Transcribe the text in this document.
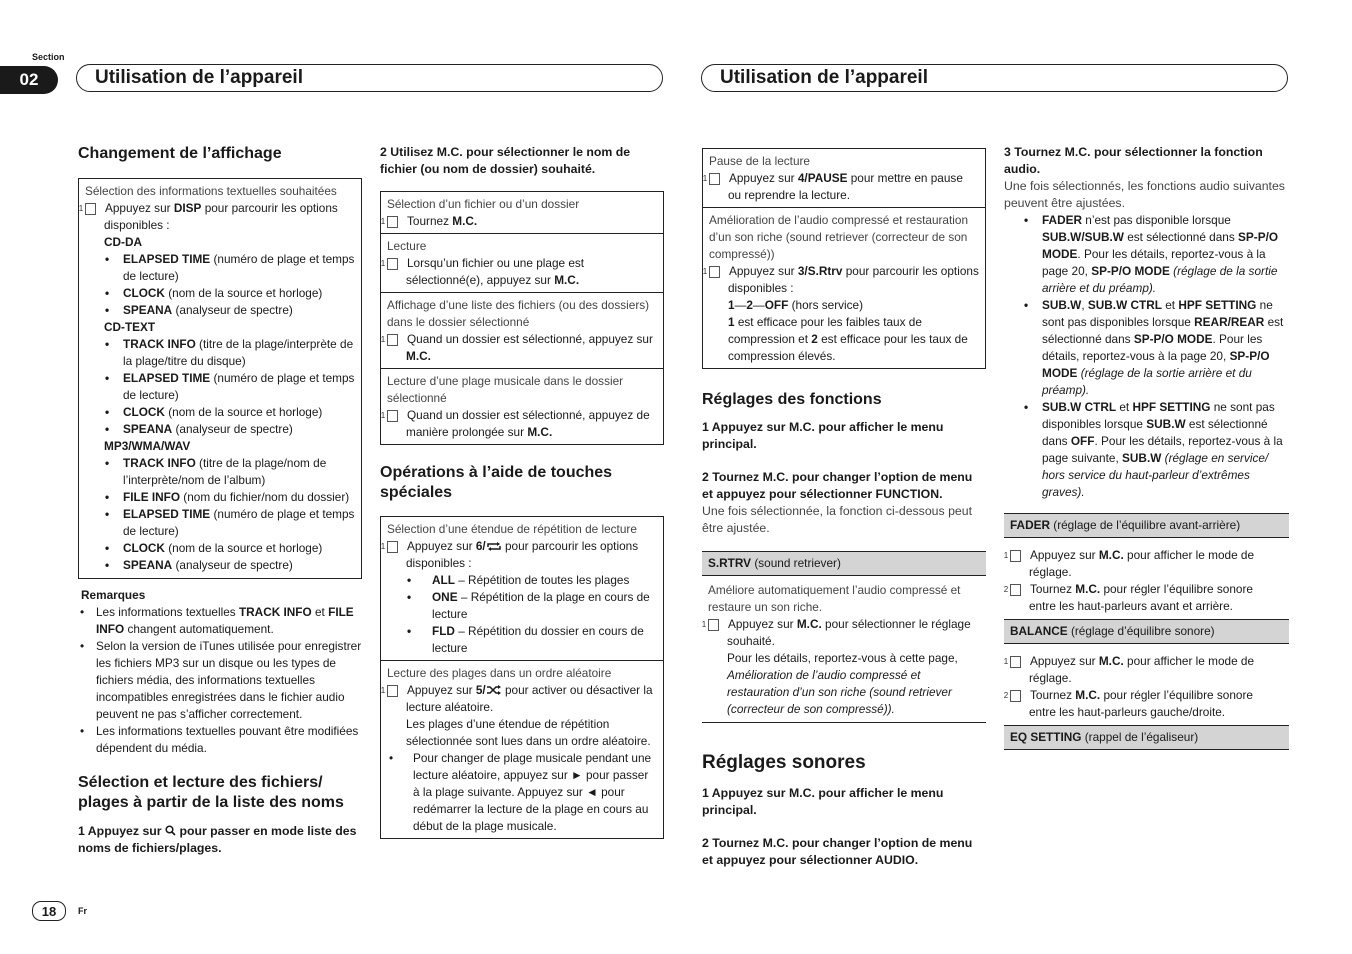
Section
02	Utilisation de l’appareil	Utilisation de l’appareil
Changement de l’affichage
Sélection des informations textuelles souhaitées
1 Appuyez sur DISP pour parcourir les options disponibles :
CD-DA
• ELAPSED TIME (numéro de plage et temps de lecture)
• CLOCK (nom de la source et horloge)
• SPEANA (analyseur de spectre)
CD-TEXT
• TRACK INFO (titre de la plage/interprète de la plage/titre du disque)
• ELAPSED TIME (numéro de plage et temps de lecture)
• CLOCK (nom de la source et horloge)
• SPEANA (analyseur de spectre)
MP3/WMA/WAV
• TRACK INFO (titre de la plage/nom de l’interprète/nom de l’album)
• FILE INFO (nom du fichier/nom du dossier)
• ELAPSED TIME (numéro de plage et temps de lecture)
• CLOCK (nom de la source et horloge)
• SPEANA (analyseur de spectre)
Remarques
• Les informations textuelles TRACK INFO et FILE INFO changent automatiquement.
• Selon la version de iTunes utilisée pour enregistrer les fichiers MP3 sur un disque ou les types de fichiers média, des informations textuelles incompatibles enregistrées dans le fichier audio peuvent ne pas s’afficher correctement.
• Les informations textuelles pouvant être modifiées dépendent du média.
Sélection et lecture des fichiers/ plages à partir de la liste des noms
1 Appuyez sur pour passer en mode liste des noms de fichiers/plages.
2 Utilisez M.C. pour sélectionner le nom de fichier (ou nom de dossier) souhaité.
Sélection d’un fichier ou d’un dossier
1 Tournez M.C.
Lecture
1 Lorsqu’un fichier ou une plage est sélectionné(e), appuyez sur M.C.
Affichage d’une liste des fichiers (ou des dossiers) dans le dossier sélectionné
1 Quand un dossier est sélectionné, appuyez sur M.C.
Lecture d’une plage musicale dans le dossier sélectionné
1 Quand un dossier est sélectionné, appuyez de manière prolongée sur M.C.
Opérations à l’aide de touches spéciales
Sélection d’une étendue de répétition de lecture
1 Appuyez sur 6/ pour parcourir les options disponibles :
• ALL – Répétition de toutes les plages
• ONE – Répétition de la plage en cours de lecture
• FLD – Répétition du dossier en cours de lecture
Lecture des plages dans un ordre aléatoire
1 Appuyez sur 5/ pour activer ou désactiver la lecture aléatoire.
Les plages d’une étendue de répétition sélectionnée sont lues dans un ordre aléatoire.
• Pour changer de plage musicale pendant une lecture aléatoire, appuyez sur ► pour passer à la plage suivante. Appuyez sur ◄ pour redémarrer la lecture de la plage en cours au début de la plage musicale.
Pause de la lecture
1 Appuyez sur 4/PAUSE pour mettre en pause ou reprendre la lecture.
Amélioration de l’audio compressé et restauration d’un son riche (sound retriever (correcteur de son compressé))
1 Appuyez sur 3/S.Rtrv pour parcourir les options disponibles :
1—2—OFF (hors service)
1 est efficace pour les faibles taux de compression et 2 est efficace pour les taux de compression élevés.
Réglages des fonctions
1 Appuyez sur M.C. pour afficher le menu principal.
2 Tournez M.C. pour changer l’option de menu et appuyez pour sélectionner FUNCTION.
Une fois sélectionnée, la fonction ci-dessous peut être ajustée.
S.RTRV (sound retriever)
Améliore automatiquement l’audio compressé et restaure un son riche.
1 Appuyez sur M.C. pour sélectionner le réglage souhaité.
Pour les détails, reportez-vous à cette page,
Amélioration de l’audio compressé et restauration d’un son riche (sound retriever (correcteur de son compressé)).
Réglages sonores
1 Appuyez sur M.C. pour afficher le menu principal.
2 Tournez M.C. pour changer l’option de menu et appuyez pour sélectionner AUDIO.
3 Tournez M.C. pour sélectionner la fonction audio.
Une fois sélectionnés, les fonctions audio suivantes peuvent être ajustées.
• FADER n’est pas disponible lorsque SUB.W/SUB.W est sélectionné dans SP-P/O MODE. Pour les détails, reportez-vous à la page 20, SP-P/O MODE (réglage de la sortie arrière et du préamp).
• SUB.W, SUB.W CTRL et HPF SETTING ne sont pas disponibles lorsque REAR/REAR est sélectionné dans SP-P/O MODE. Pour les détails, reportez-vous à la page 20, SP-P/O MODE (réglage de la sortie arrière et du préamp).
• SUB.W CTRL et HPF SETTING ne sont pas disponibles lorsque SUB.W est sélectionné dans OFF. Pour les détails, reportez-vous à la page suivante, SUB.W (réglage en service/ hors service du haut-parleur d’extrêmes graves).
FADER (réglage de l’équilibre avant-arrière)
1 Appuyez sur M.C. pour afficher le mode de réglage.
2 Tournez M.C. pour régler l’équilibre sonore entre les haut-parleurs avant et arrière.
BALANCE (réglage d’équilibre sonore)
1 Appuyez sur M.C. pour afficher le mode de réglage.
2 Tournez M.C. pour régler l’équilibre sonore entre les haut-parleurs gauche/droite.
EQ SETTING (rappel de l’égaliseur)
18	Fr
